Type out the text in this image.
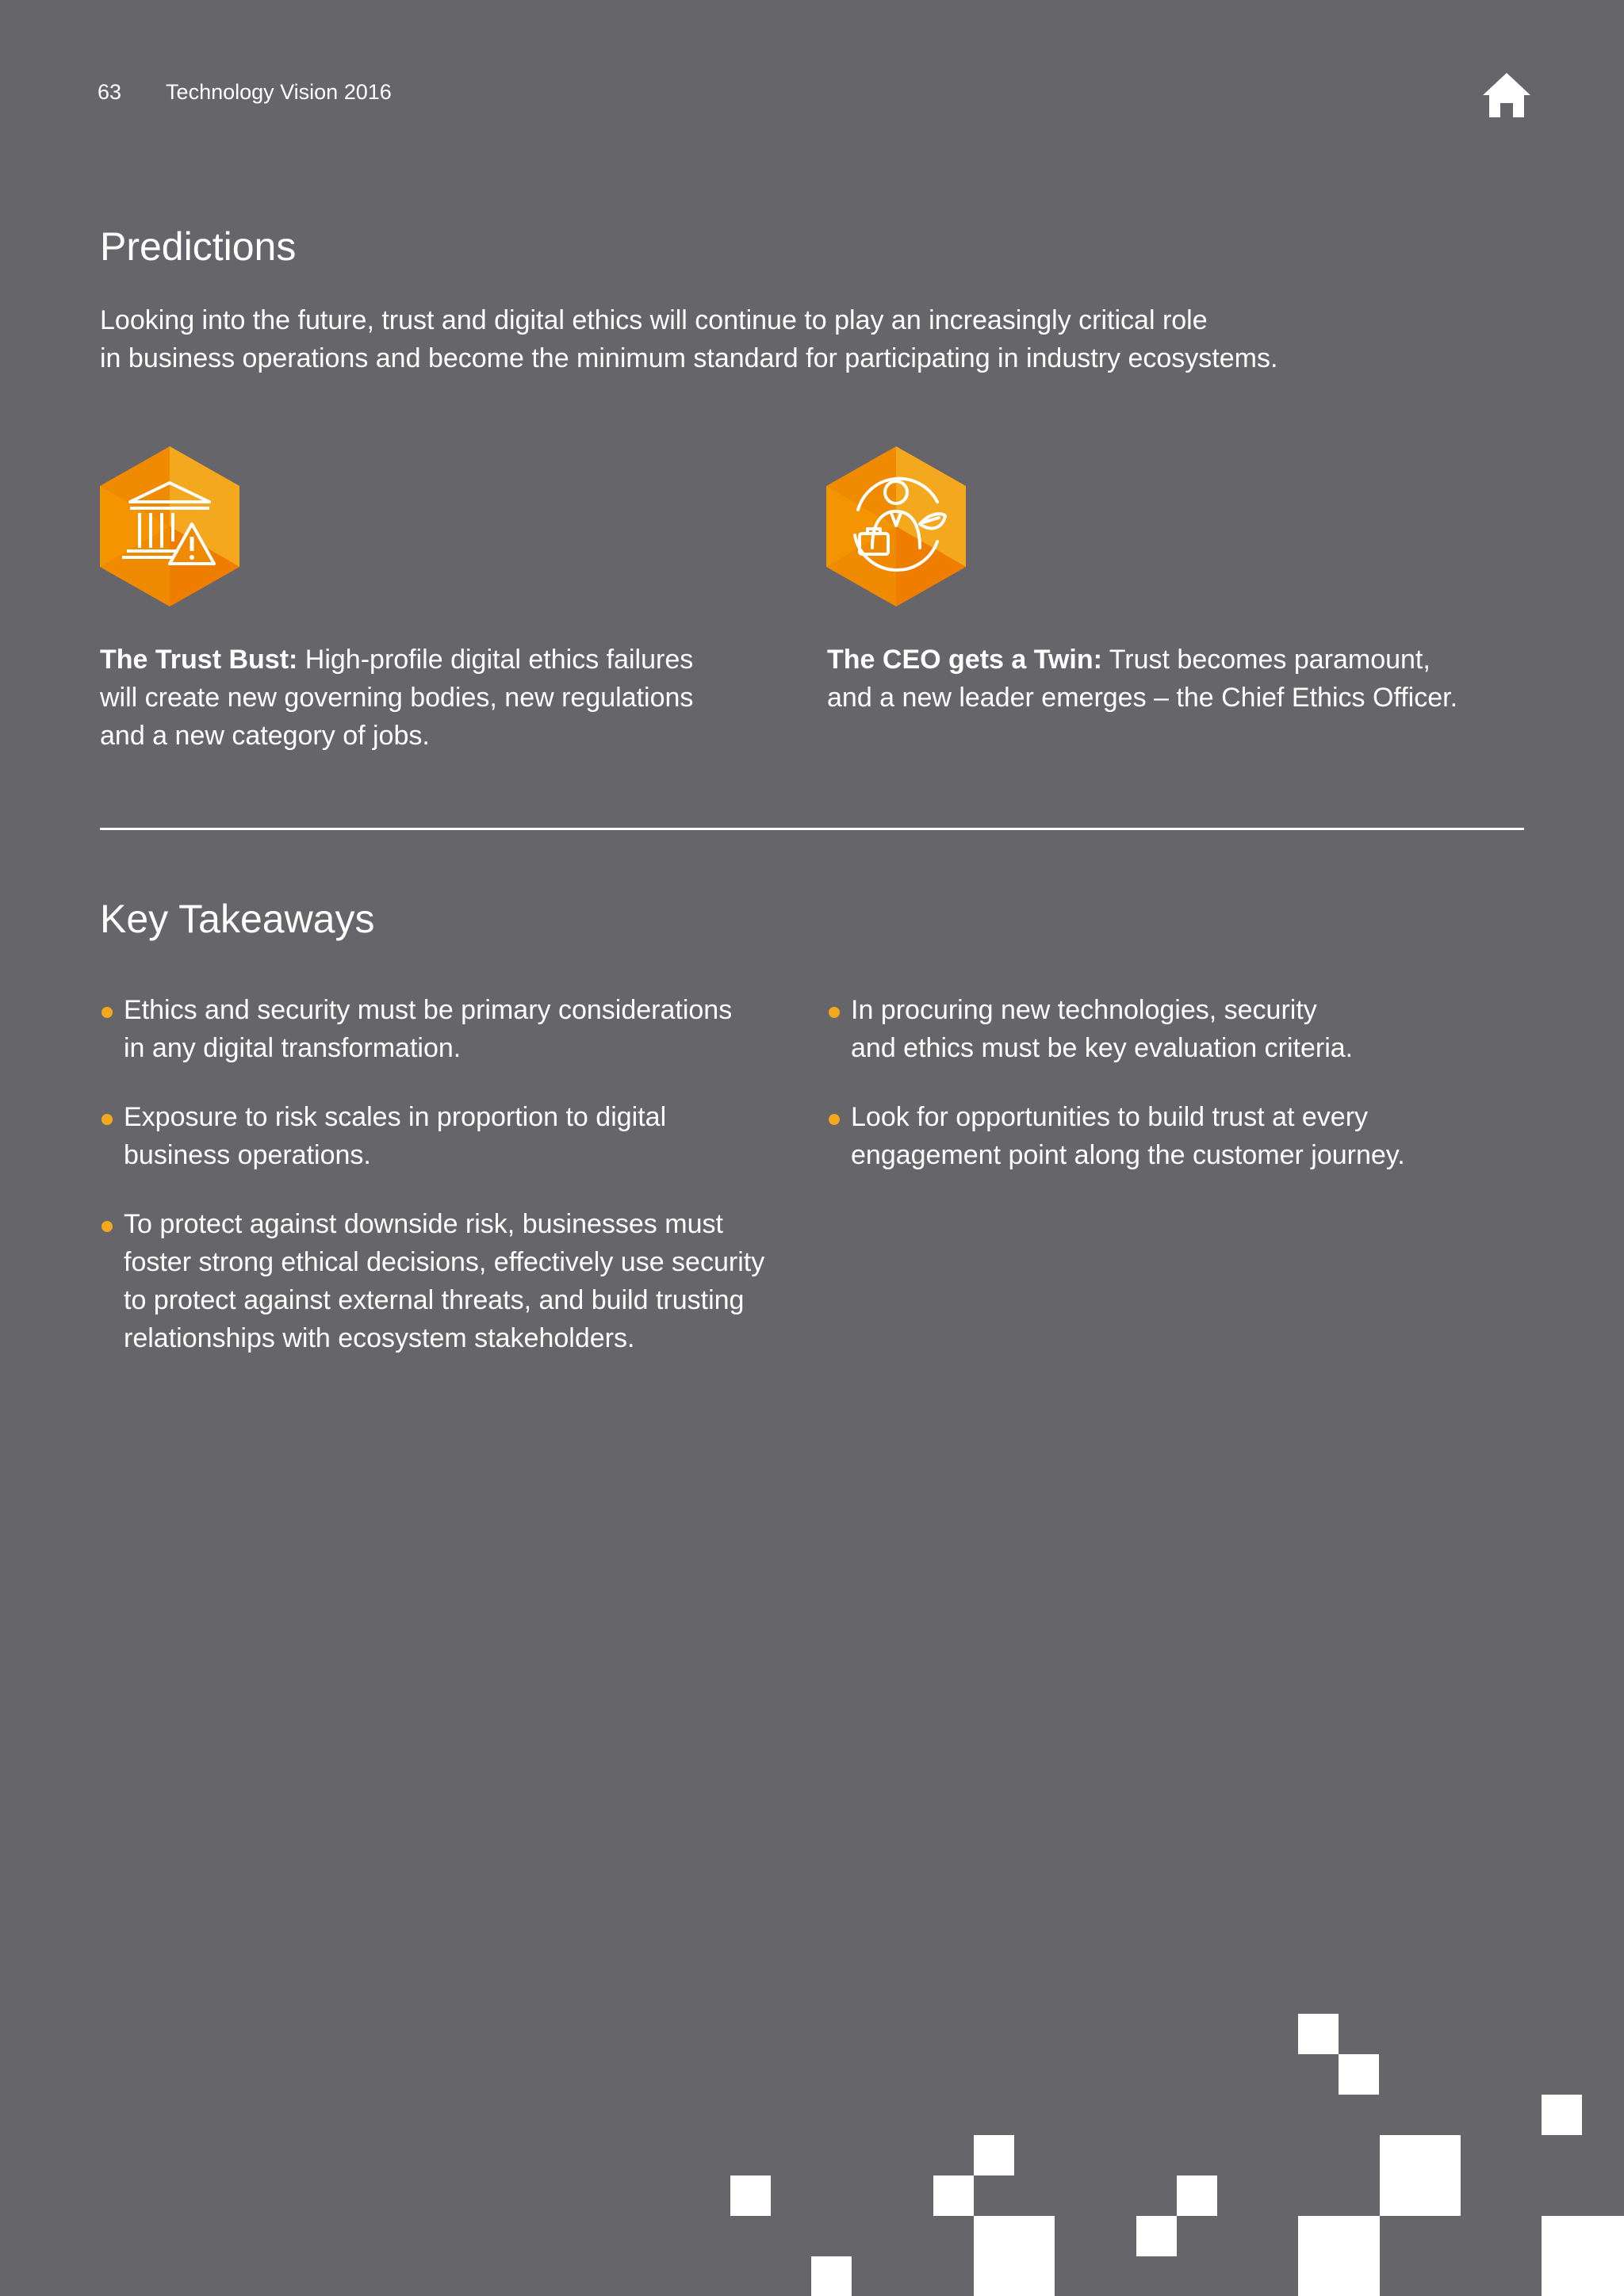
63 Technology Vision 2016
Predictions

Looking into the future, trust and digital ethics will continue to play an increasingly critical role
in business operations and become the minimum standard for participating in industry ecosystems.

The Trust Bust: High-profile digital ethics failures
will create new governing bodies, new regulations
and a new category of jobs.

The CEO gets a Twin: Trust becomes paramount,
and a new leader emerges – the Chief Ethics Officer.

Key Takeaways
Ethics and security must be primary considerations
in any digital transformation.
Exposure to risk scales in proportion to digital
business operations.
To protect against downside risk, businesses must
foster strong ethical decisions, effectively use security
to protect against external threats, and build trusting
relationships with ecosystem stakeholders.
In procuring new technologies, security
and ethics must be key evaluation criteria.
Look for opportunities to build trust at every
engagement point along the customer journey.
